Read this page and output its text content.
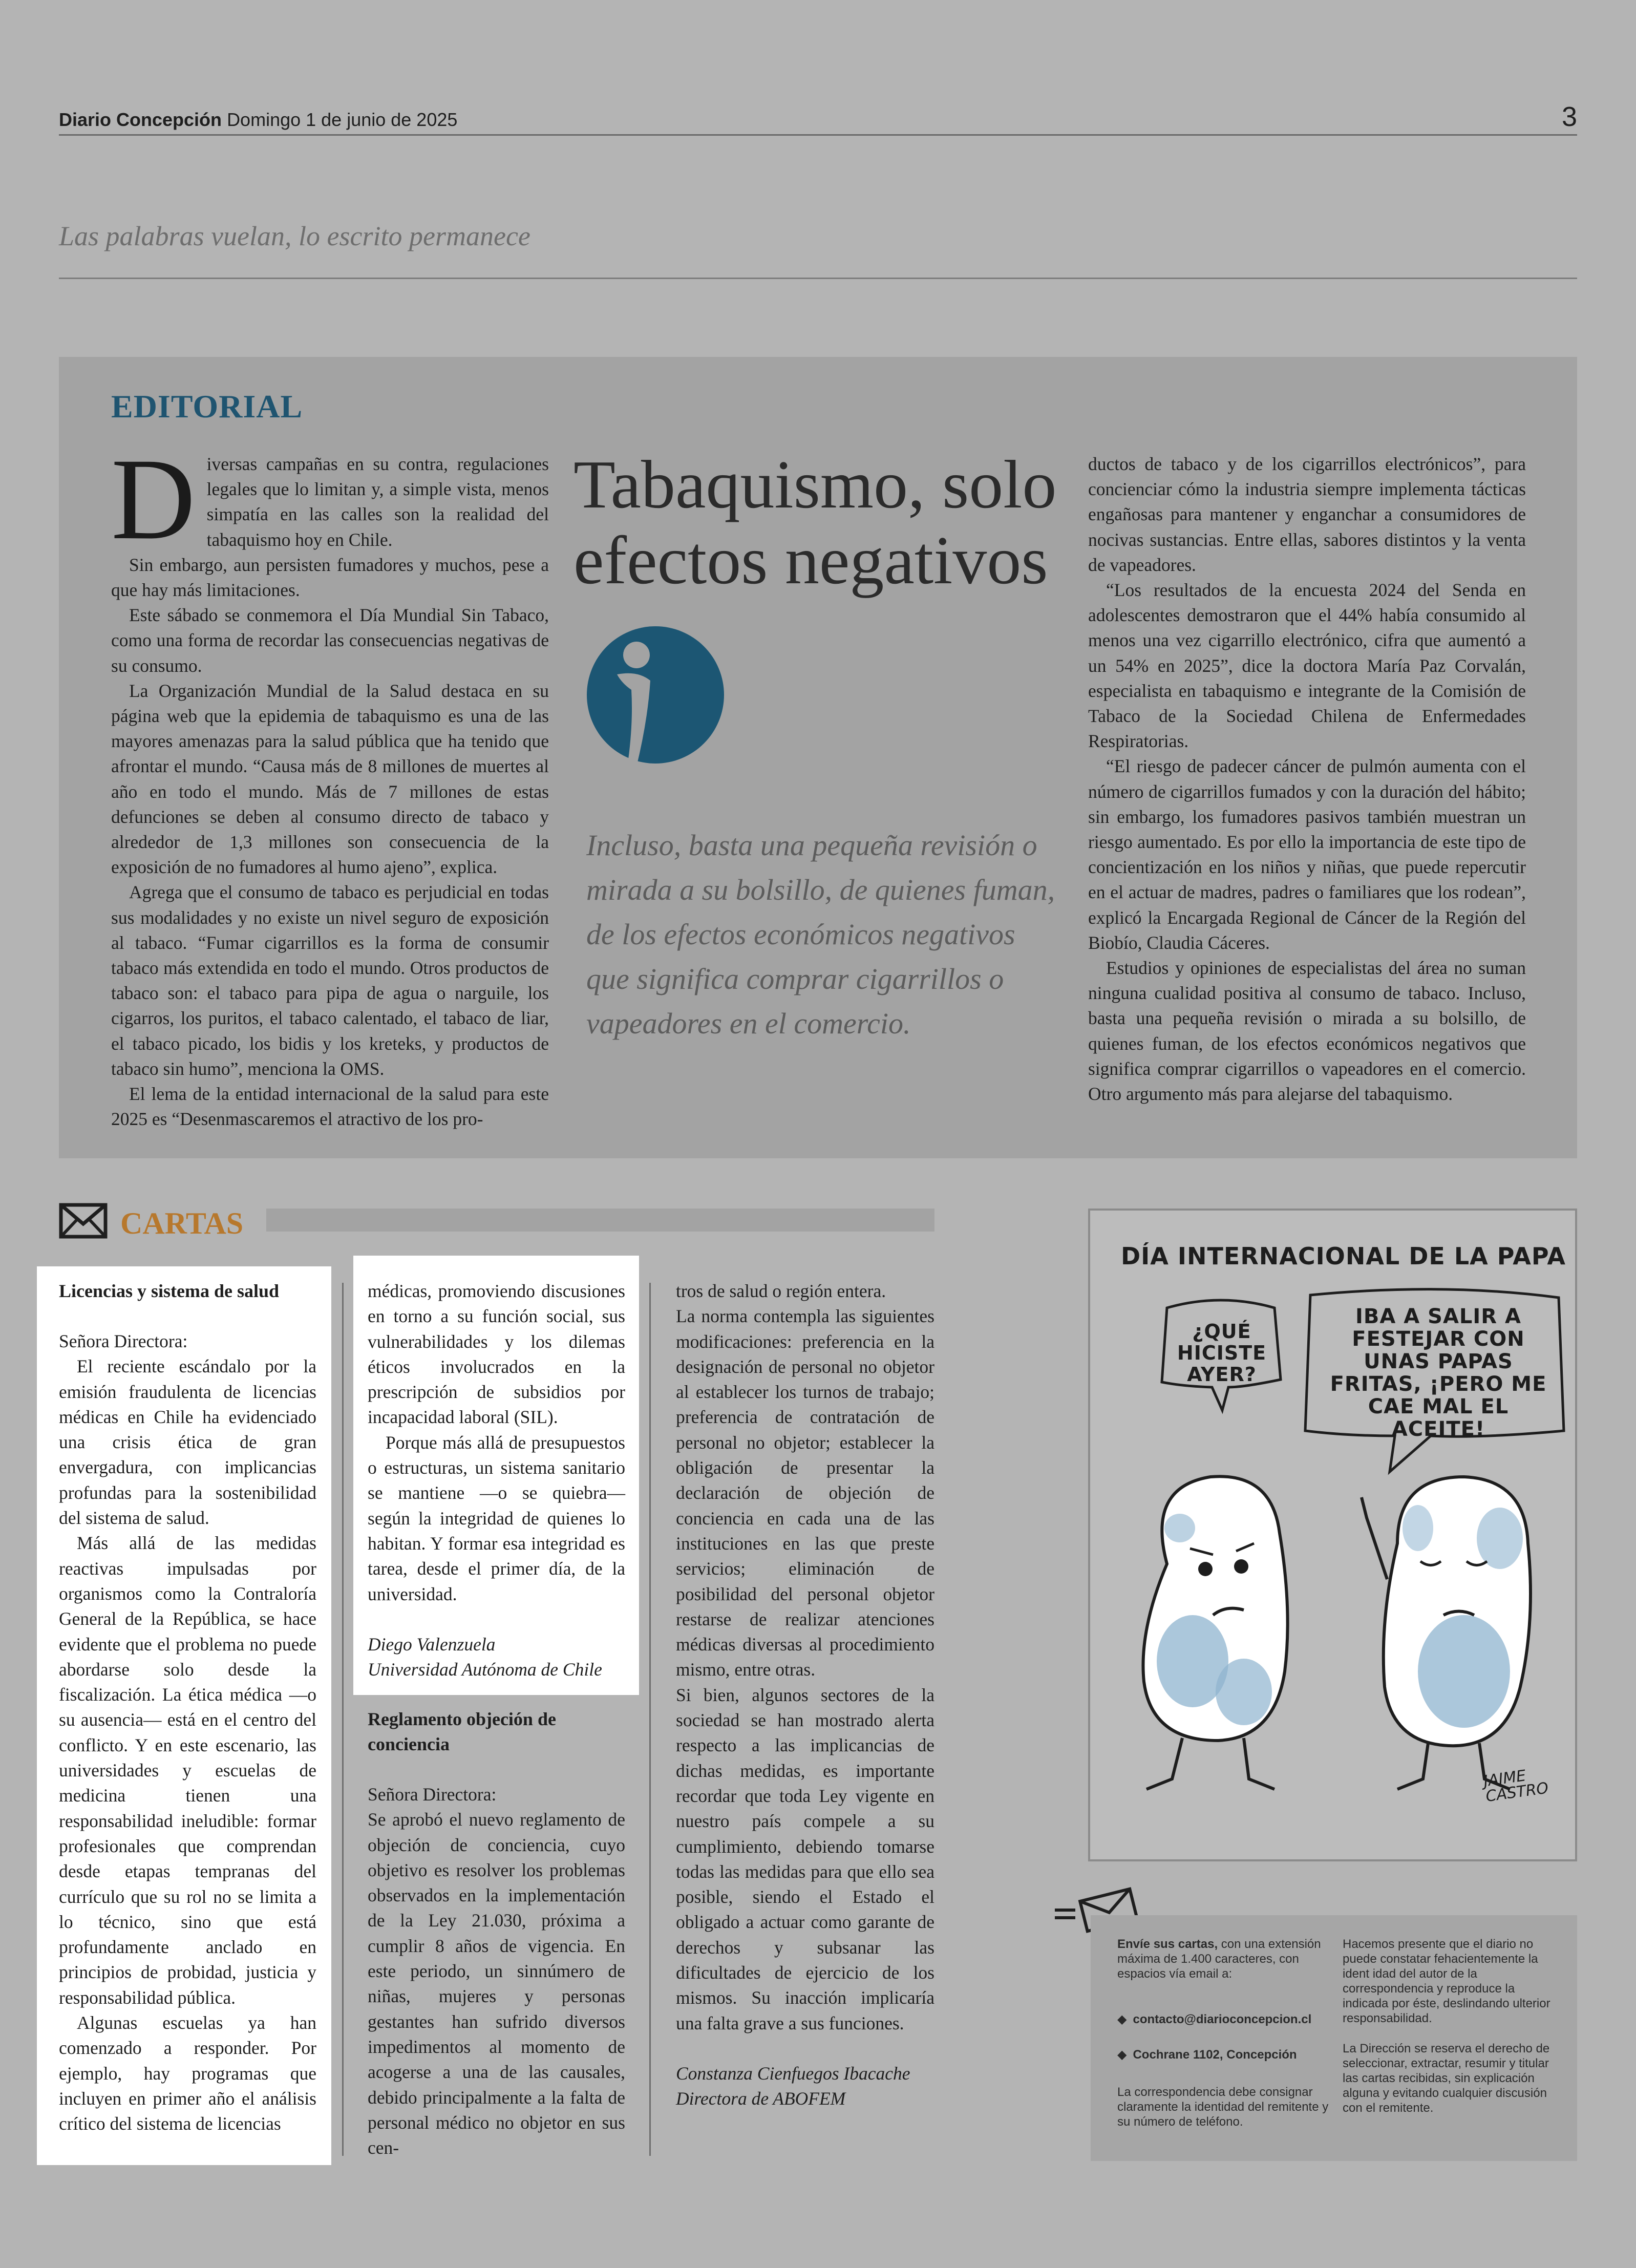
Diario Concepción Domingo 1 de junio de 2025	3
Las palabras vuelan, lo escrito permanece
EDITORIAL

Diversas campañas en su contra, regulaciones legales que lo limitan y, a simple vista, menos simpatía en las calles son la realidad del tabaquismo hoy en Chile.

Sin embargo, aun persisten fumadores y muchos, pese a que hay más limitaciones.

Este sábado se conmemora el Día Mundial Sin Tabaco, como una forma de recordar las consecuencias negativas de su consumo.

La Organización Mundial de la Salud destaca en su página web que la epidemia de tabaquismo es una de las mayores amenazas para la salud pública que ha tenido que afrontar el mundo. “Causa más de 8 millones de muertes al año en todo el mundo. Más de 7 millones de estas defunciones se deben al consumo directo de tabaco y alrededor de 1,3 millones son consecuencia de la exposición de no fumadores al humo ajeno”, explica.

Agrega que el consumo de tabaco es perjudicial en todas sus modalidades y no existe un nivel seguro de exposición al tabaco. “Fumar cigarrillos es la forma de consumir tabaco más extendida en todo el mundo. Otros productos de tabaco son: el tabaco para pipa de agua o narguile, los cigarros, los puritos, el tabaco calentado, el tabaco de liar, el tabaco picado, los bidis y los kreteks, y productos de tabaco sin humo”, menciona la OMS.

El lema de la entidad internacional de la salud para este 2025 es “Desenmascaremos el atractivo de los pro-

Tabaquismo, solo efectos negativos
Incluso, basta una pequeña revisión o mirada a su bolsillo, de quienes fuman, de los efectos económicos negativos que significa comprar cigarrillos o vapeadores en el comercio.

ductos de tabaco y de los cigarrillos electrónicos”, para concienciar cómo la industria siempre implementa tácticas engañosas para mantener y enganchar a consumidores de nocivas sustancias. Entre ellas, sabores distintos y la venta de vapeadores.

“Los resultados de la encuesta 2024 del Senda en adolescentes demostraron que el 44% había consumido al menos una vez cigarrillo electrónico, cifra que aumentó a un 54% en 2025”, dice la doctora María Paz Corvalán, especialista en tabaquismo e integrante de la Comisión de Tabaco de la Sociedad Chilena de Enfermedades Respiratorias.

“El riesgo de padecer cáncer de pulmón aumenta con el número de cigarrillos fumados y con la duración del hábito; sin embargo, los fumadores pasivos también muestran un riesgo aumentado. Es por ello la importancia de este tipo de concientización en los niños y niñas, que puede repercutir en el actuar de madres, padres o familiares que los rodean”, explicó la Encargada Regional de Cáncer de la Región del Biobío, Claudia Cáceres.

Estudios y opiniones de especialistas del área no suman ninguna cualidad positiva al consumo de tabaco. Incluso, basta una pequeña revisión o mirada a su bolsillo, de quienes fuman, de los efectos económicos negativos que significa comprar cigarrillos o vapeadores en el comercio. Otro argumento más para alejarse del tabaquismo.

CARTAS
Licencias y sistema de salud

Señora Directora:

El reciente escándalo por la emisión fraudulenta de licencias médicas en Chile ha evidenciado una crisis ética de gran envergadura, con implicancias profundas para la sostenibilidad del sistema de salud.

Más allá de las medidas reactivas impulsadas por organismos como la Contraloría General de la República, se hace evidente que el problema no puede abordarse solo desde la fiscalización. La ética médica —o su ausencia— está en el centro del conflicto. Y en este escenario, las universidades y escuelas de medicina tienen una responsabilidad ineludible: formar profesionales que comprendan desde etapas tempranas del currículo que su rol no se limita a lo técnico, sino que está profundamente anclado en principios de probidad, justicia y responsabilidad pública.

Algunas escuelas ya han comenzado a responder. Por ejemplo, hay programas que incluyen en primer año el análisis crítico del sistema de licencias

médicas, promoviendo discusiones en torno a su función social, sus vulnerabilidades y los dilemas éticos involucrados en la prescripción de subsidios por incapacidad laboral (SIL).

Porque más allá de presupuestos o estructuras, un sistema sanitario se mantiene —o se quiebra— según la integridad de quienes lo habitan. Y formar esa integridad es tarea, desde el primer día, de la universidad.

Diego Valenzuela

Universidad Autónoma de Chile

Reglamento objeción de conciencia

Señora Directora:

Se aprobó el nuevo reglamento de objeción de conciencia, cuyo objetivo es resolver los problemas observados en la implementación de la Ley 21.030, próxima a cumplir 8 años de vigencia. En este periodo, un sinnúmero de niñas, mujeres y personas gestantes han sufrido diversos impedimentos al momento de acogerse a una de las causales, debido principalmente a la falta de personal médico no objetor en sus cen-

tros de salud o región entera.

La norma contempla las siguientes modificaciones: preferencia en la designación de personal no objetor al establecer los turnos de trabajo; preferencia de contratación de personal no objetor; establecer la obligación de presentar la declaración de objeción de conciencia en cada una de las instituciones en las que preste servicios; eliminación de posibilidad del personal objetor restarse de realizar atenciones médicas diversas al procedimiento mismo, entre otras.

Si bien, algunos sectores de la sociedad se han mostrado alerta respecto a las implicancias de dichas medidas, es importante recordar que toda Ley vigente en nuestro país compele a su cumplimiento, debiendo tomarse todas las medidas para que ello sea posible, siendo el Estado el obligado a actuar como garante de derechos y subsanar las dificultades de ejercicio de los mismos. Su inacción implicaría una falta grave a sus funciones.

Constanza Cienfuegos Ibacache

Directora de ABOFEM

DÍA INTERNACIONAL DE LA PAPA
¿QUÉ HICISTE AYER?
IBA A SALIR A FESTEJAR CON UNAS PAPAS FRITAS, ¡PERO ME CAE MAL EL ACEITE!
JAIME CASTRO

Envíe sus cartas, con una extensión máxima de 1.400 caracteres, con espacios vía email a:

◆ contacto@diarioconcepcion.cl

◆ Cochrane 1102, Concepción

La correspondencia debe consignar claramente la identidad del remitente y su número de teléfono.

Hacemos presente que el diario no puede constatar fehacientemente la ident idad del autor de la correspondencia y reproduce la indicada por éste, deslindando ulterior responsabilidad.

La Dirección se reserva el derecho de seleccionar, extractar, resumir y titular las cartas recibidas, sin explicación alguna y evitando cualquier discusión con el remitente.
